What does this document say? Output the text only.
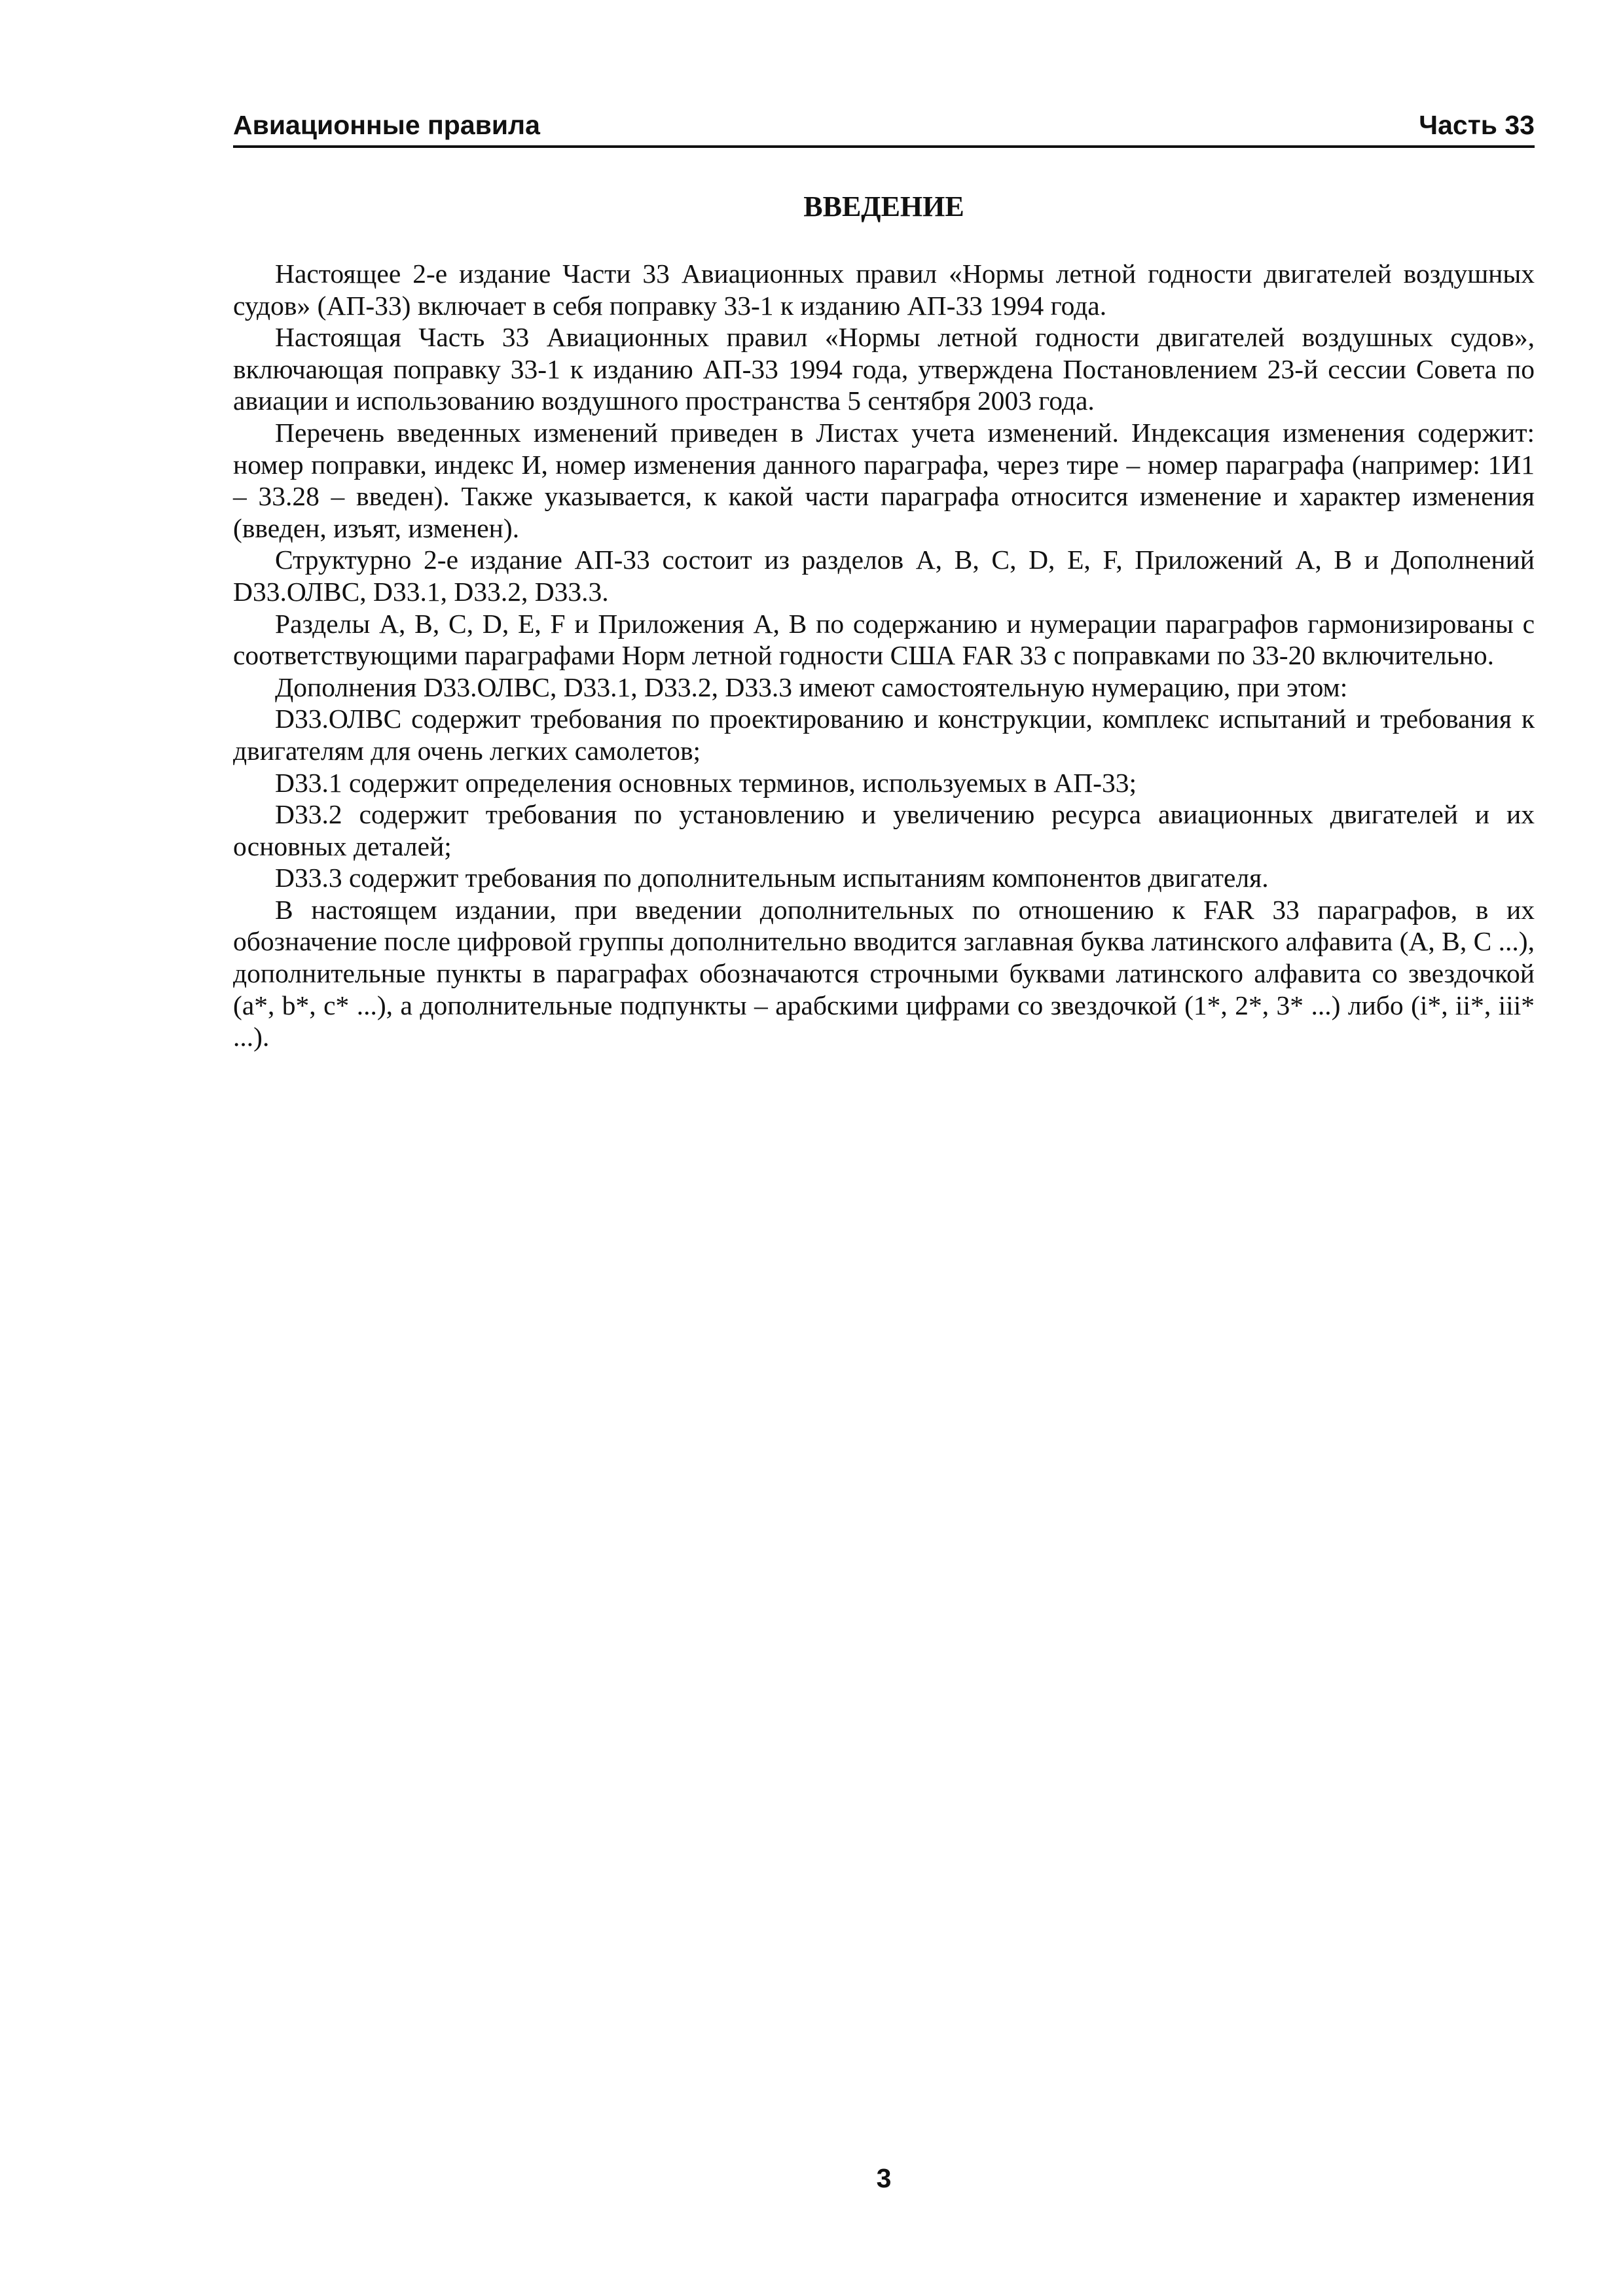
Авиационные правила	Часть 33
ВВЕДЕНИЕ

Настоящее 2-е издание Части 33 Авиационных правил «Нормы летной годности двигателей воздушных судов» (АП-33) включает в себя поправку 33-1 к изданию АП-33 1994 года.

Настоящая Часть 33 Авиационных правил «Нормы летной годности двигателей воздушных судов», включающая поправку 33-1 к изданию АП-33 1994 года, утверждена Постановлением 23-й сессии Совета по авиации и использованию воздушного пространства 5 сентября 2003 года.

Перечень введенных изменений приведен в Листах учета изменений. Индексация изменения содержит: номер поправки, индекс И, номер изменения данного параграфа, через тире – номер параграфа (например: 1И1 – 33.28 – введен). Также указывается, к какой части параграфа относится изменение и характер изменения (введен, изъят, изменен).

Структурно 2-е издание АП-33 состоит из разделов А, B, C, D, E, F, Приложений А, В и Дополнений D33.ОЛВС, D33.1, D33.2, D33.3.

Разделы A, B, C, D, E, F и Приложения А, В по содержанию и нумерации параграфов гармонизированы с соответствующими параграфами Норм летной годности США FAR 33 с поправками по 33-20 включительно.

Дополнения D33.ОЛВС, D33.1, D33.2, D33.3 имеют самостоятельную нумерацию, при этом:

D33.ОЛВС содержит требования по проектированию и конструкции, комплекс испытаний и требования к двигателям для очень легких самолетов;

D33.1 содержит определения основных терминов, используемых в АП-33;

D33.2 содержит требования по установлению и увеличению ресурса авиационных двигателей и их основных деталей;

D33.3 содержит требования по дополнительным испытаниям компонентов двигателя.

В настоящем издании, при введении дополнительных по отношению к FAR 33 параграфов, в их обозначение после цифровой группы дополнительно вводится заглавная буква латинского алфавита (А, В, С ...), дополнительные пункты в параграфах обозначаются строчными буквами латинского алфавита со звездочкой (a*, b*, c* ...), а дополнительные подпункты – арабскими цифрами со звездочкой (1*, 2*, 3* ...) либо (i*, ii*, iii* ...).

3
